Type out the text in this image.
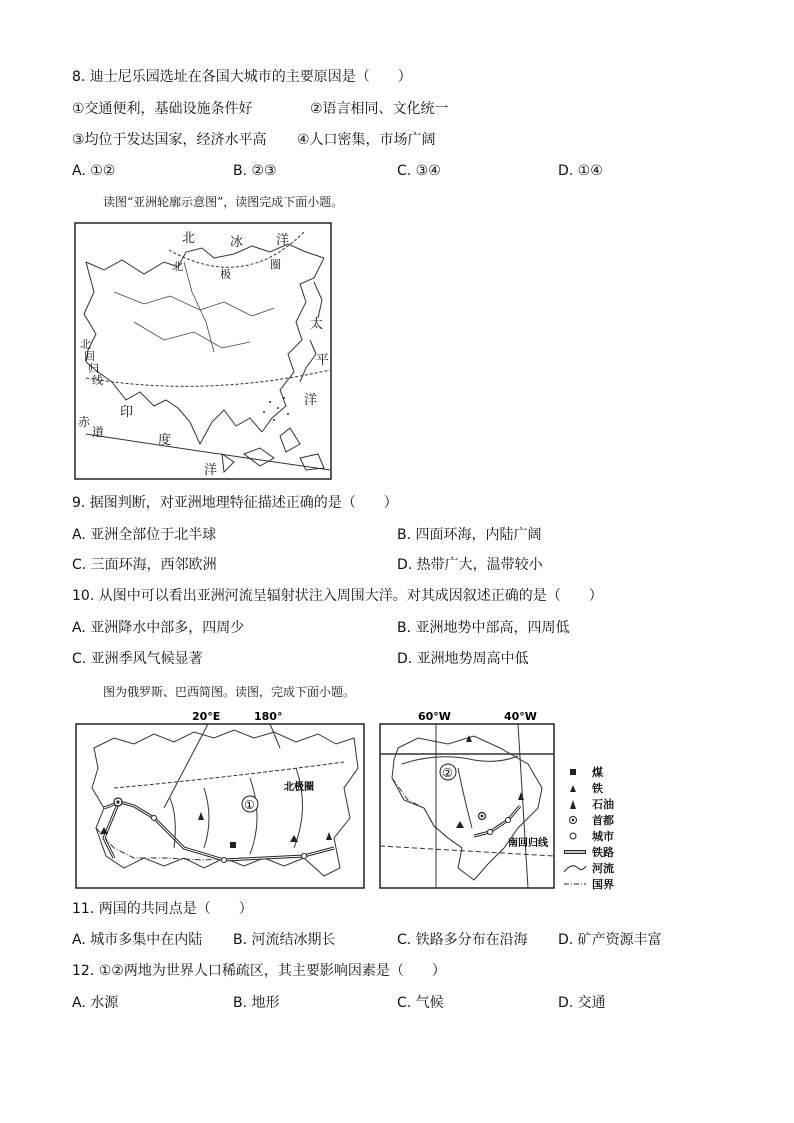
8. 迪士尼乐园选址在各国大城市的主要原因是（　　）
①交通便利，基础设施条件好	②语言相同、文化统一
③均位于发达国家，经济水平高 ④人口密集，市场广阔
A. ①②	B. ②③	C. ③④	D. ①④
读图“亚洲轮廓示意图”，读图完成下面小题。
北	冰	洋
北
极
圈
太
平
洋
北
回
归
线
印
度
洋
赤
道
9. 据图判断，对亚洲地理特征描述正确的是（　　）
A. 亚洲全部位于北半球	B. 四面环海，内陆广阔
C. 三面环海，西邻欧洲	D. 热带广大，温带较小
10. 从图中可以看出亚洲河流呈辐射状注入周围大洋。对其成因叙述正确的是（　　）
A. 亚洲降水中部多，四周少	B. 亚洲地势中部高，四周低
C. 亚洲季风气候显著	D. 亚洲地势周高中低
图为俄罗斯、巴西简图。读图，完成下面小题。
20°E	180°
①
北极圈
60°W	40°W
②
南回归线
煤
铁
石油
首都
城市
铁路
河流
国界
11. 两国的共同点是（　　）
A. 城市多集中在内陆 B. 河流结冰期长	C. 铁路多分布在沿海 D. 矿产资源丰富
12. ①②两地为世界人口稀疏区，其主要影响因素是（　　）
A. 水源	B. 地形	C. 气候	D. 交通
